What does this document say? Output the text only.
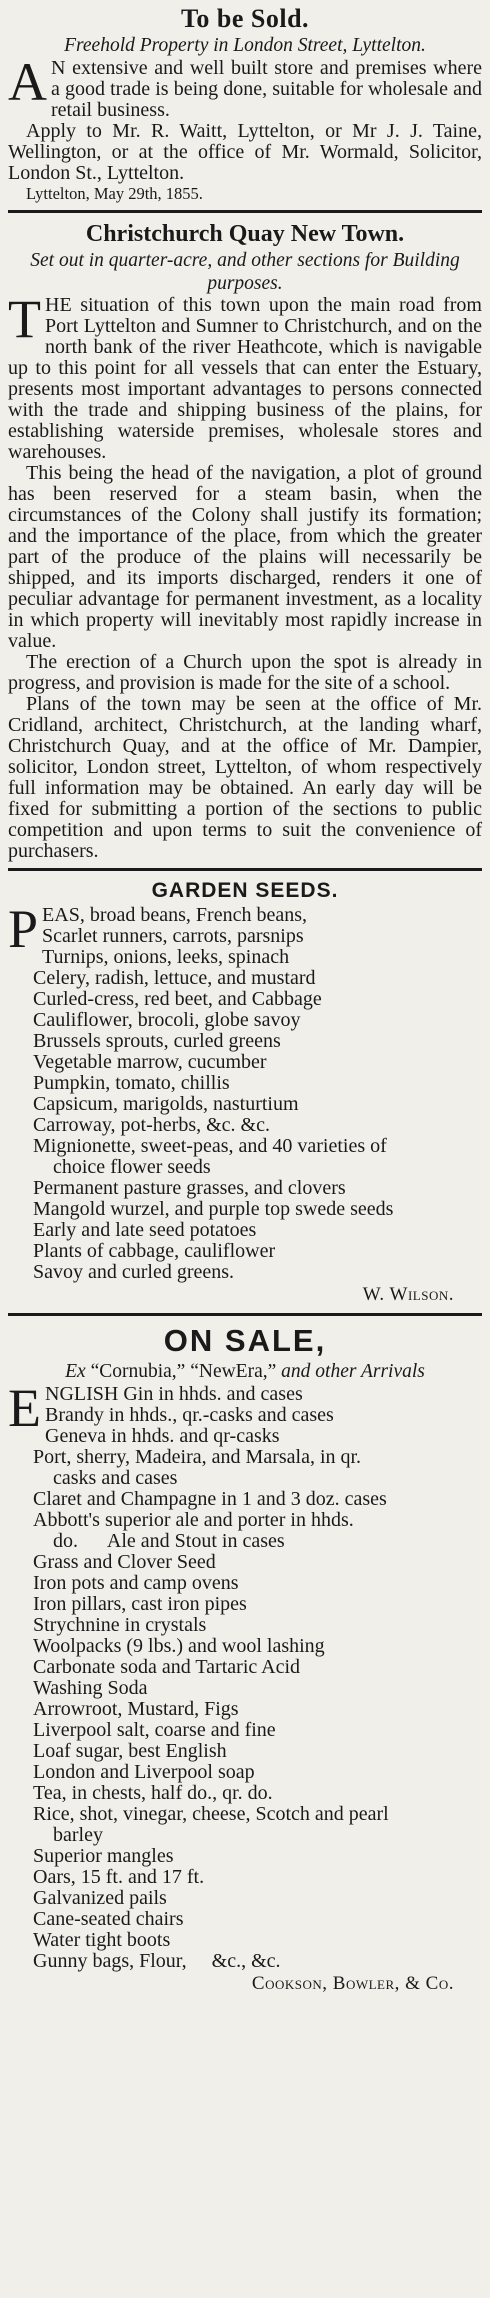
To be Sold.

Freehold Property in London Street, Lyttelton.

A N extensive and well built store and premises where a good trade is being done, suitable for wholesale and retail business.

Apply to Mr. R. Waitt, Lyttelton, or Mr J. J. Taine, Wellington, or at the office of Mr. Wormald, Solicitor, London St., Lyttelton.

Lyttelton, May 29th, 1855.

Christchurch Quay New Town.

Set out in quarter-acre, and other sections for Building purposes.

THE situation of this town upon the main road from Port Lyttelton and Sumner to Christchurch, and on the north bank of the river Heathcote, which is navigable up to this point for all vessels that can enter the Estuary, presents most important advantages to persons connected with the trade and shipping business of the plains, for establishing waterside premises, wholesale stores and warehouses.

This being the head of the navigation, a plot of ground has been reserved for a steam basin, when the circumstances of the Colony shall justify its formation; and the importance of the place, from which the greater part of the produce of the plains will necessarily be shipped, and its imports discharged, renders it one of peculiar advantage for permanent investment, as a locality in which property will inevitably most rapidly increase in value.

The erection of a Church upon the spot is already in progress, and provision is made for the site of a school.

Plans of the town may be seen at the office of Mr. Cridland, architect, Christchurch, at the landing wharf, Christchurch Quay, and at the office of Mr. Dampier, solicitor, London street, Lyttelton, of whom respectively full information may be obtained. An early day will be fixed for submitting a portion of the sections to public competition and upon terms to suit the convenience of purchasers.

GARDEN SEEDS.
P EAS, broad beans, French beans,
Scarlet runners, carrots, parsnips
Turnips, onions, leeks, spinach
Celery, radish, lettuce, and mustard
Curled-cress, red beet, and Cabbage
Cauliflower, brocoli, globe savoy
Brussels sprouts, curled greens
Vegetable marrow, cucumber
Pumpkin, tomato, chillis
Capsicum, marigolds, nasturtium
Carroway, pot-herbs, &c. &c.
Mignionette, sweet-peas, and 40 varieties of
choice flower seeds
Permanent pasture grasses, and clovers
Mangold wurzel, and purple top swede seeds
Early and late seed potatoes
Plants of cabbage, cauliflower
Savoy and curled greens.

W. Wilson.

ON SALE,

Ex “Cornubia,” “NewEra,” and other Arrivals

E NGLISH Gin in hhds. and cases
Brandy in hhds., qr.-casks and cases
Geneva in hhds. and qr-casks
Port, sherry, Madeira, and Marsala, in qr.
casks and cases
Claret and Champagne in 1 and 3 doz. cases
Abbott's superior ale and porter in hhds.
do.      Ale and Stout in cases
Grass and Clover Seed
Iron pots and camp ovens
Iron pillars, cast iron pipes
Strychnine in crystals
Woolpacks (9 lbs.) and wool lashing
Carbonate soda and Tartaric Acid
Washing Soda
Arrowroot, Mustard, Figs
Liverpool salt, coarse and fine
Loaf sugar, best English
London and Liverpool soap
Tea, in chests, half do., qr. do.
Rice, shot, vinegar, cheese, Scotch and pearl
barley
Superior mangles
Oars, 15 ft. and 17 ft.
Galvanized pails
Cane-seated chairs
Water tight boots
Gunny bags, Flour,     &c., &c.

Cookson, Bowler, & Co.
